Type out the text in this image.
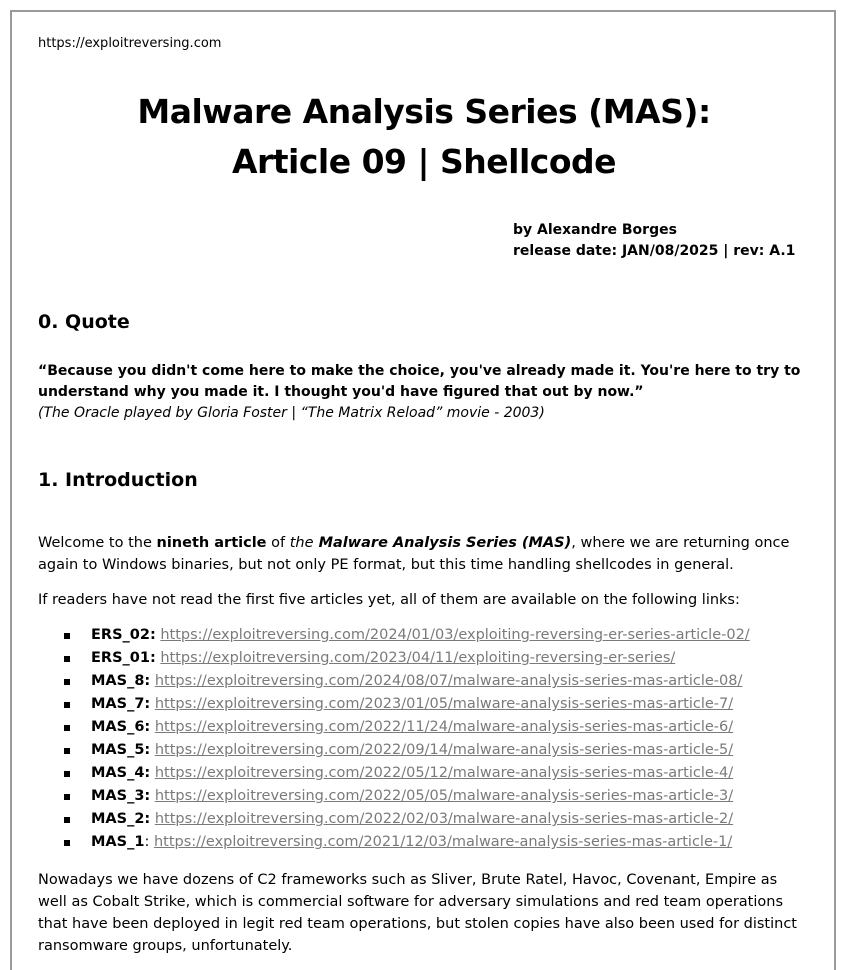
https://exploitreversing.com
Malware Analysis Series (MAS):
Article 09 | Shellcode
by Alexandre Borges
release date: JAN/08/2025 | rev: A.1
0. Quote
“Because you didn't come here to make the choice, you've already made it. You're here to try to understand why you made it. I thought you'd have figured that out by now.”
(The Oracle played by Gloria Foster | “The Matrix Reload” movie - 2003)
1. Introduction
Welcome to the nineth article of the Malware Analysis Series (MAS), where we are returning once again to Windows binaries, but not only PE format, but this time handling shellcodes in general.
If readers have not read the first five articles yet, all of them are available on the following links:
ERS_02: https://exploitreversing.com/2024/01/03/exploiting-reversing-er-series-article-02/
ERS_01: https://exploitreversing.com/2023/04/11/exploiting-reversing-er-series/
MAS_8: https://exploitreversing.com/2024/08/07/malware-analysis-series-mas-article-08/
MAS_7: https://exploitreversing.com/2023/01/05/malware-analysis-series-mas-article-7/
MAS_6: https://exploitreversing.com/2022/11/24/malware-analysis-series-mas-article-6/
MAS_5: https://exploitreversing.com/2022/09/14/malware-analysis-series-mas-article-5/
MAS_4: https://exploitreversing.com/2022/05/12/malware-analysis-series-mas-article-4/
MAS_3: https://exploitreversing.com/2022/05/05/malware-analysis-series-mas-article-3/
MAS_2: https://exploitreversing.com/2022/02/03/malware-analysis-series-mas-article-2/
MAS_1: https://exploitreversing.com/2021/12/03/malware-analysis-series-mas-article-1/
Nowadays we have dozens of C2 frameworks such as Sliver, Brute Ratel, Havoc, Covenant, Empire as well as Cobalt Strike, which is commercial software for adversary simulations and red team operations that have been deployed in legit red team operations, but stolen copies have also been used for distinct ransomware groups, unfortunately.
